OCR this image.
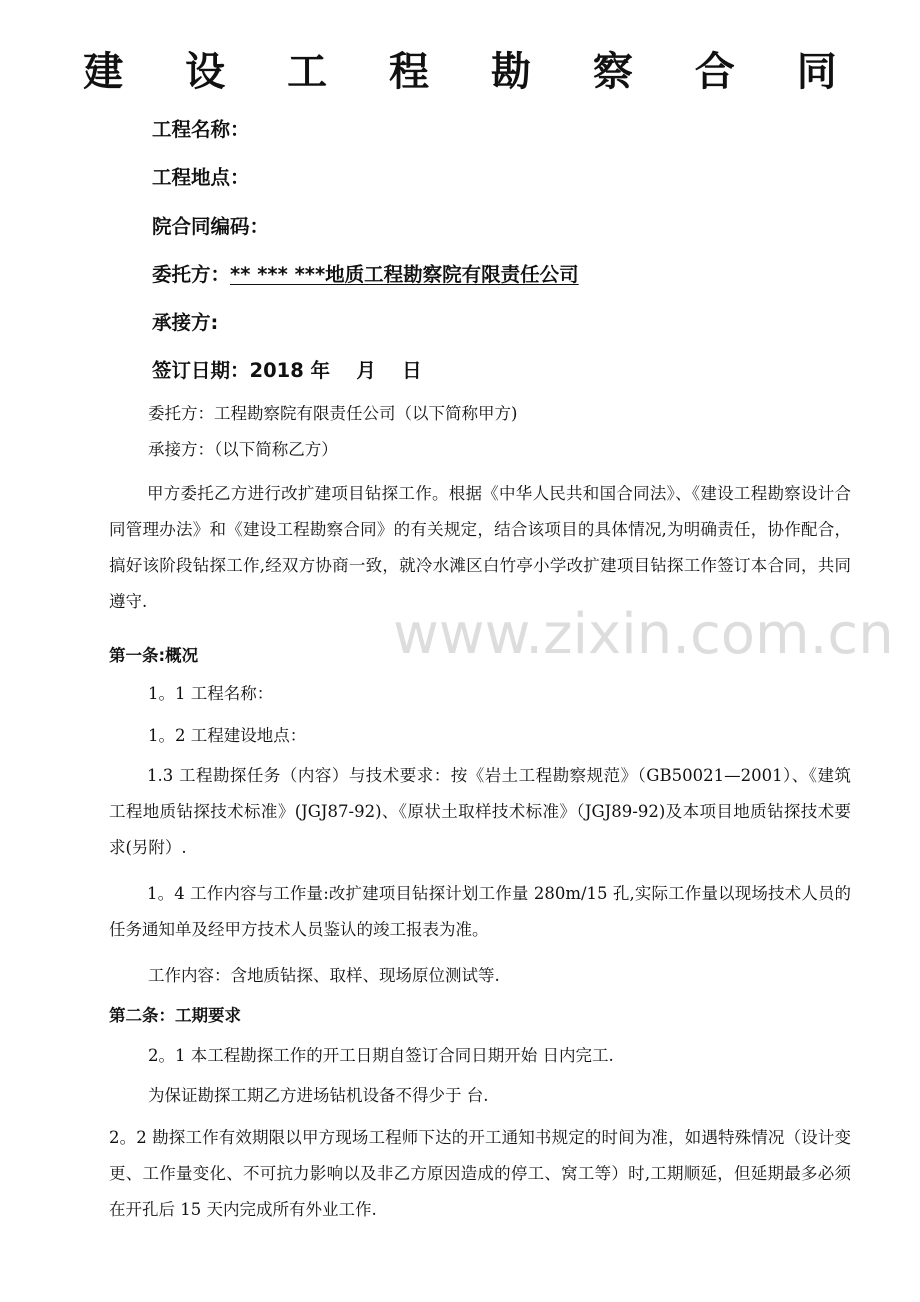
建 设 工 程 勘 察 合 同
工程名称：
工程地点：
院合同编码：
委托方：** *** ***地质工程勘察院有限责任公司
承接方:
签订日期：2018 年　 月　 日
委托方：工程勘察院有限责任公司（以下简称甲方)
承接方：（以下简称乙方）
甲方委托乙方进行改扩建项目钻探工作。根据《中华人民共和国合同法》、《建设工程勘察设计合同管理办法》和《建设工程勘察合同》的有关规定，结合该项目的具体情况,为明确责任，协作配合，搞好该阶段钻探工作,经双方协商一致，就冷水滩区白竹亭小学改扩建项目钻探工作签订本合同，共同遵守.
第一条:概况
1。1 工程名称：
1。2 工程建设地点：
1.3 工程勘探任务（内容）与技术要求：按《岩土工程勘察规范》（GB50021—2001）、《建筑工程地质钻探技术标准》(JGJ87-92)、《原状土取样技术标准》（JGJ89-92)及本项目地质钻探技术要求(另附）.
1。4 工作内容与工作量:改扩建项目钻探计划工作量 280m/15 孔,实际工作量以现场技术人员的任务通知单及经甲方技术人员鉴认的竣工报表为准。
工作内容：含地质钻探、取样、现场原位测试等.
第二条：工期要求
2。1 本工程勘探工作的开工日期自签订合同日期开始 日内完工.
为保证勘探工期乙方进场钻机设备不得少于 台.
2。2 勘探工作有效期限以甲方现场工程师下达的开工通知书规定的时间为准，如遇特殊情况（设计变更、工作量变化、不可抗力影响以及非乙方原因造成的停工、窝工等）时,工期顺延，但延期最多必须在开孔后 15 天内完成所有外业工作.
www.zixin.com.cn
